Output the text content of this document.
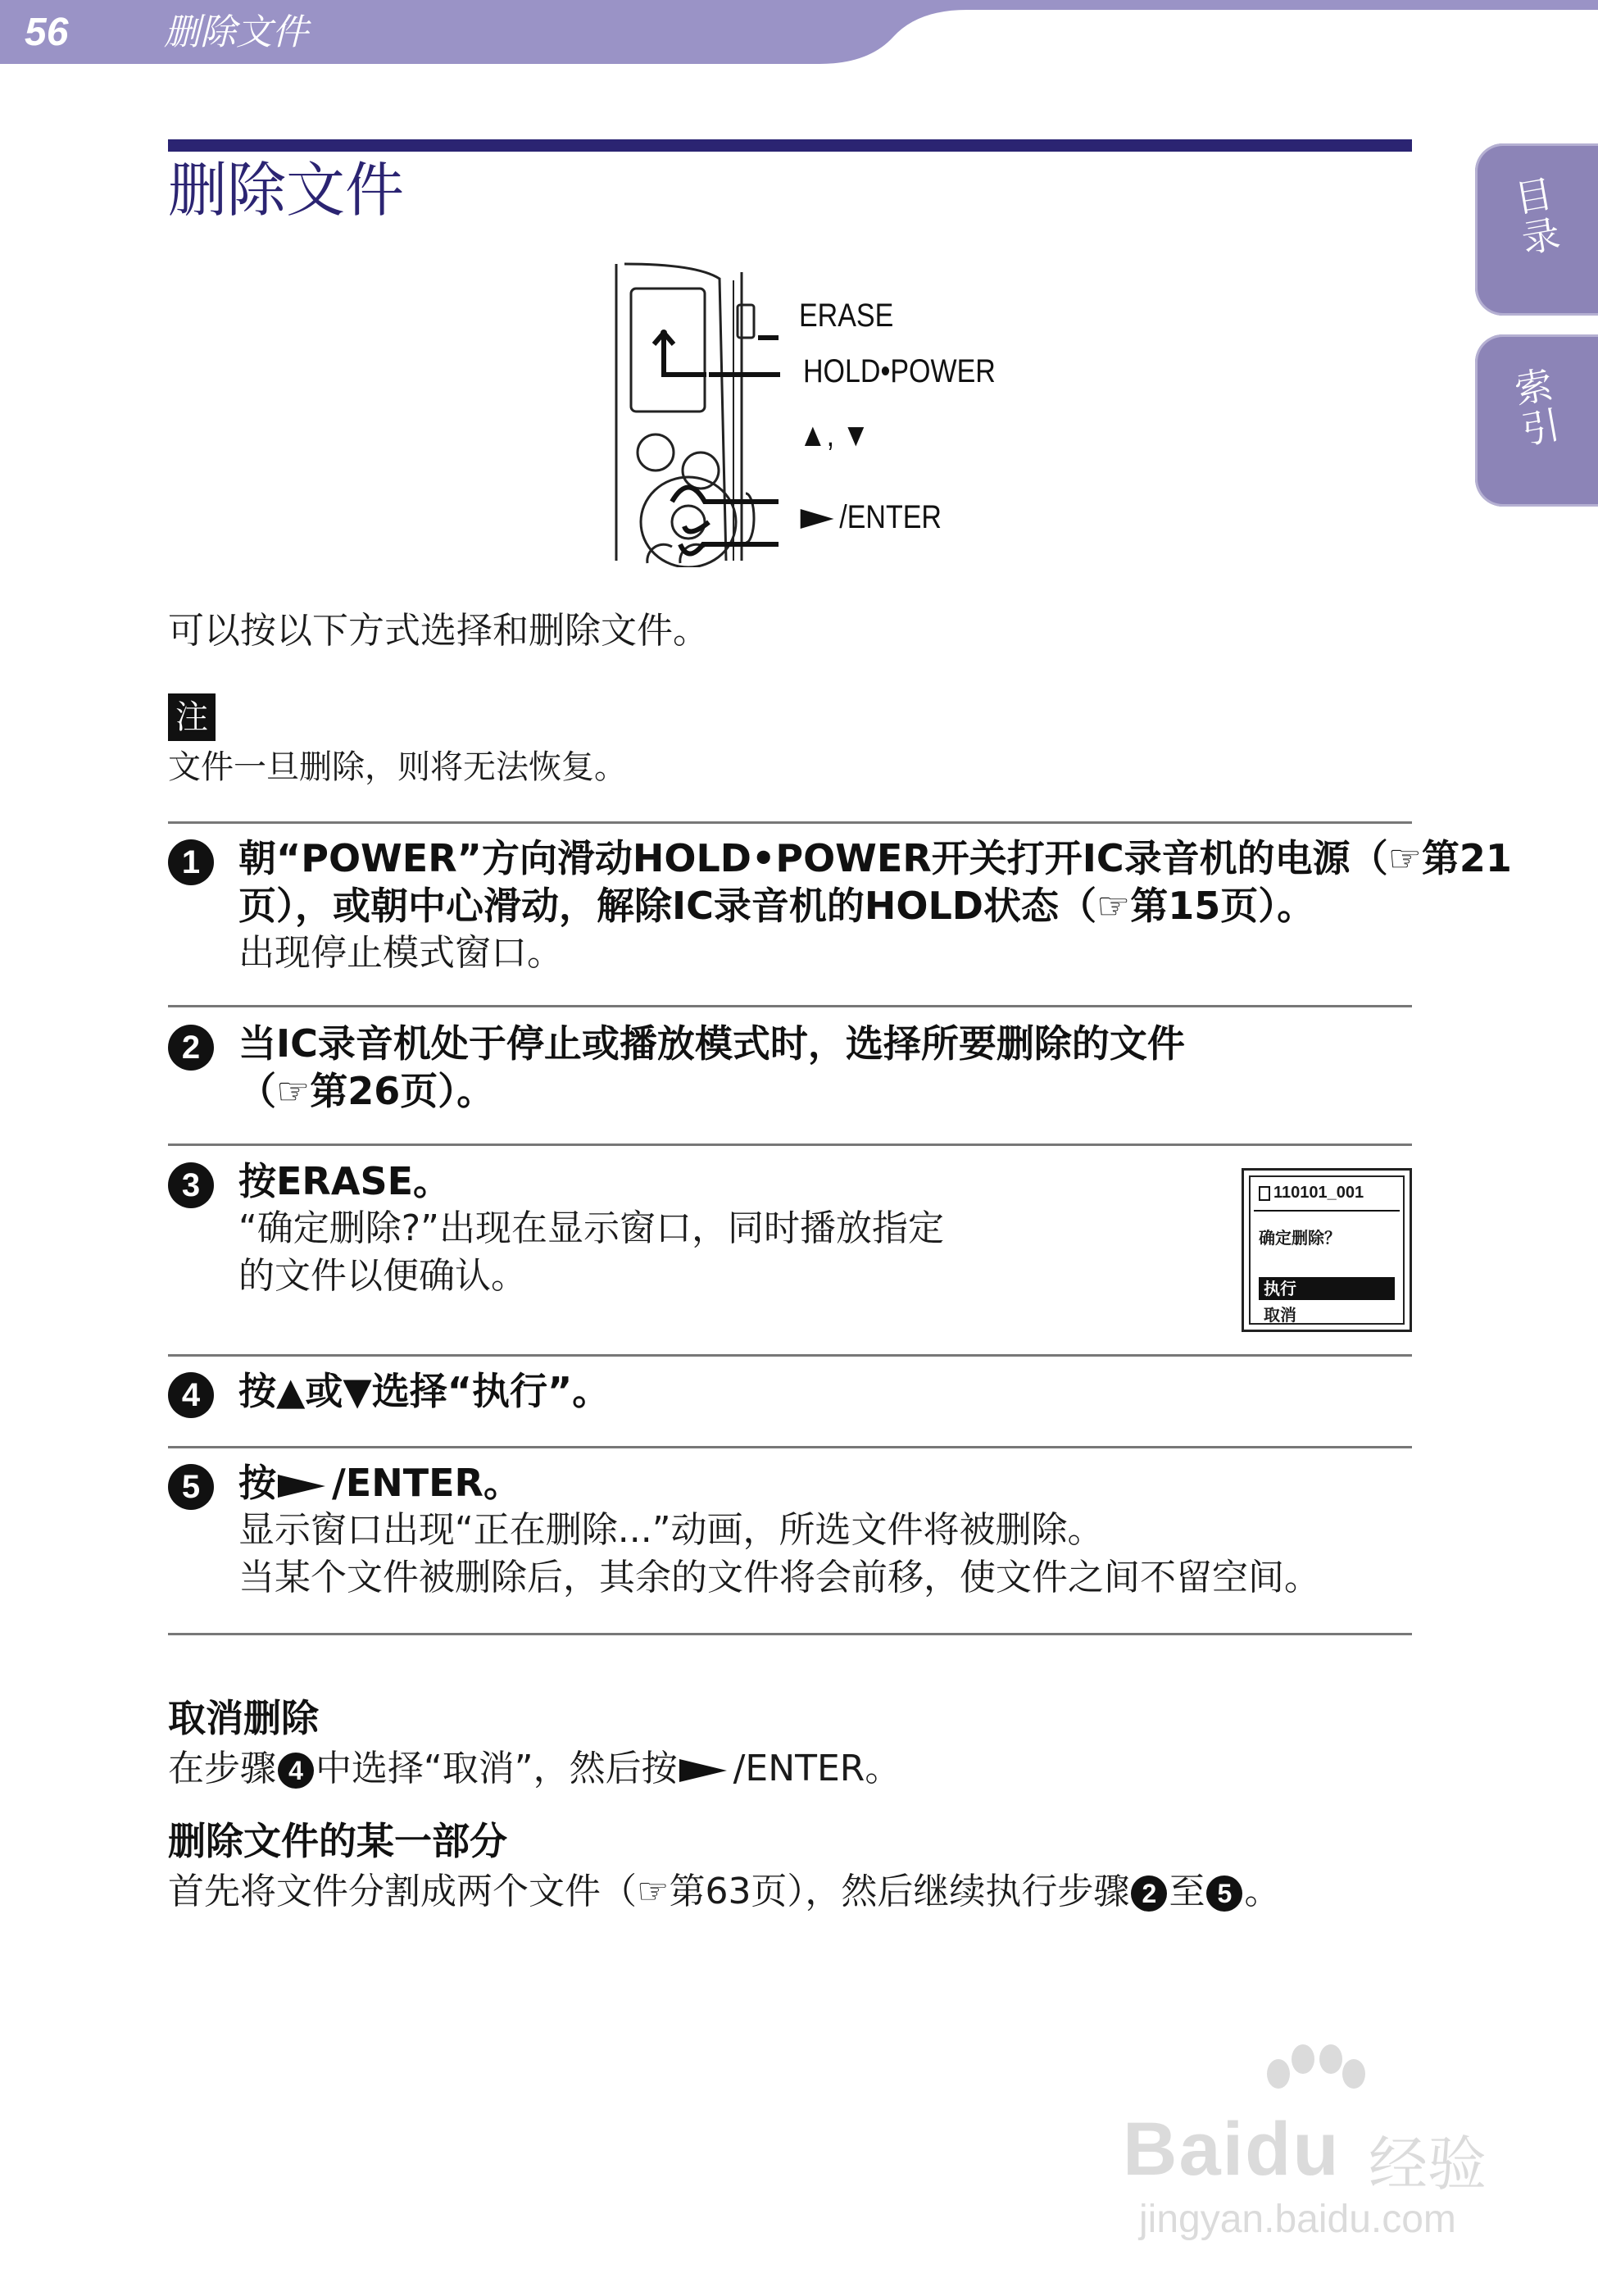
56	删除文件
目录
索引
删除文件
ERASE
HOLD•POWER
▲, ▼
/ENTER
可以按以下方式选择和删除文件。
注
文件一旦删除，则将无法恢复。
1	朝“POWER”方向滑动HOLD•POWER开关打开IC录音机的电源（☞第21
页），或朝中心滑动，解除IC录音机的HOLD状态（☞第15页）。
出现停止模式窗口。
2	当IC录音机处于停止或播放模式时，选择所要删除的文件
（☞第26页）。
3	按ERASE。
“确定删除?”出现在显示窗口，同时播放指定
的文件以便确认。
110101_001
确定删除？
执行
取消
4	按▲或▼选择“执行”。
5	按 /ENTER。
显示窗口出现“正在删除...”动画，所选文件将被删除。
当某个文件被删除后，其余的文件将会前移，使文件之间不留空间。
取消删除
在步骤 4 中选择“取消”，然后按 /ENTER。
删除文件的某一部分
首先将文件分割成两个文件（☞第63页），然后继续执行步骤 2 至 5 。
Baidu 经验
jingyan.baidu.com
